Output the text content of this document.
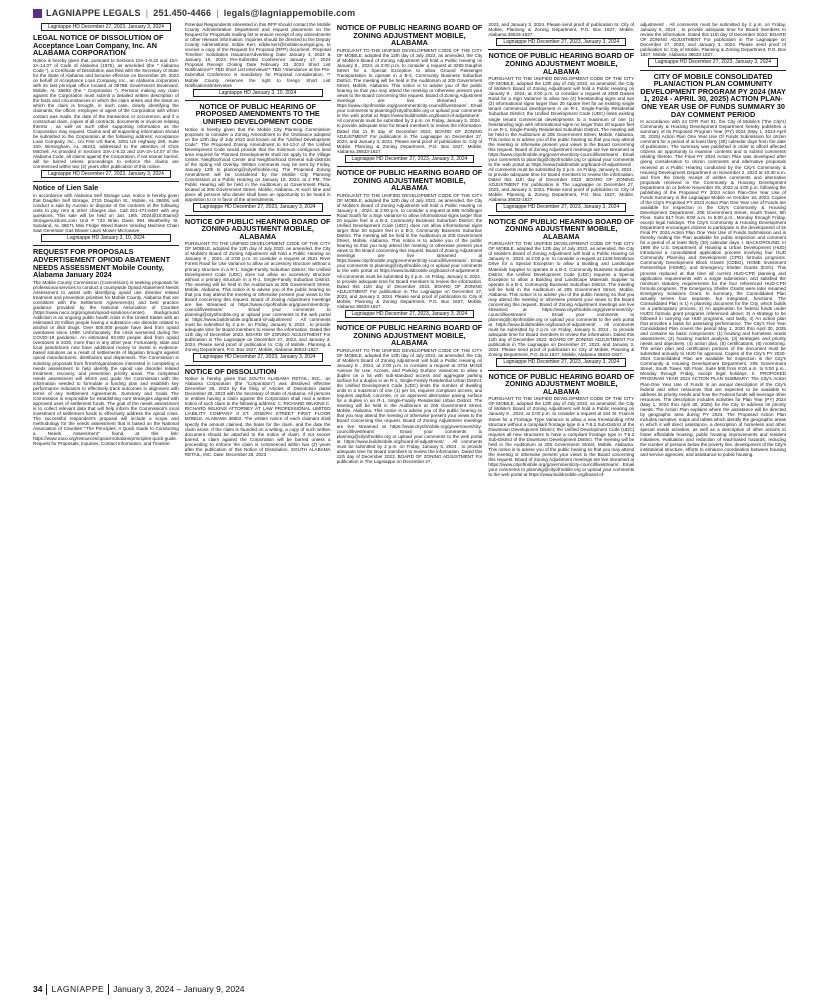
LAGNIAPPE LEGALS | 251.450-4466 | legals@lagniappemobile.com
Lagniappe HD December 27, 2023, January 3, 2024
LEGAL NOTICE OF DISSOLUTION OF Acceptance Loan Company, Inc. AN ALABAMA CORPORATION

Notice is hereby given that, pursuant to Sections 10A-1-9.22 and 10A-2A-14.07 of Code of Alabama (1975), as amended (the " Alabama Code "), a Certificate of Dissolution was filed with the Secretary of State for the State of Alabama and became effective on December 29, 2023 on behalf of Acceptance Loan Company, Inc., an Alabama corporation with its last principal office located at 3976B Government Boulevard, Mobile, AL 36693 (the " Corporation "). Persons making any claim against the Corporation must submit a detailed written description of the facts and circumstances in which the claim arises and the basis on which the claim is brought, in each case, clearly identifying the claimants, the officer, employee or agent of the Corporation with whom contact was made, the date of the transaction or occurrence, and if a contractual claim, copies of all contracts, documents or invoices relating thereto , as well as such other supporting information as the Corporation may request. Claims and all supporting information should be submitted to the Corporation at the following address: Acceptance Loan Company, Inc., c/o First US Bank, 3291 US Highway 280, Suite 100, Birmingham, AL 35243, addressed to the attention of Chris Mitchell. As provided in Sections 10A-1-9.22 and 10A-2A-14.07 of the Alabama Code, all claims against the Corporation, if not sooner barred, will be barred unless proceedings to enforce the claims are commenced within two (2) years after publication of this notice.

Lagniappe HD December 27, 2023, January 3, 2024
Notice of Lien Sale

In accordance with Alabama Self Storage Law, notice is hereby given that Dauphin Self Storage, 2715 Dauphin St., Mobile, AL 36606, will conduct a sale by Auction or dispose of the contents of the following units to pay rent & other charges due. Call 251-471-6497 with any questions. This sale will be held on Jan. 19th, 2024@10:00am@ StorageAuctions.com Unit # 723 Brian Davis 994 Weatherby St. Saraland, AL 36571 Mini Fridge Weed Eaters Vending Machine Chain Saw Generator Gas Blower Lawn Mower Microwave

Lagniappe HD January 3, 10, 2024
REQUEST FOR PROPOSALS ADVERTISEMENT OPIOID ABATEMENT NEEDS ASSESSMENT Mobile County, Alabama January 2024

The Mobile County Commission (Commission) is seeking proposals for professional services to conduct a countywide Opioid Abatement Needs Assessment to assist with identifying opioid use disorder related treatment and prevention priorities for Mobile County. Alabama that are consistent with the Settlement Agreement(s) and best practice guidance provided by the National Association of Counties (https://www.naco.org/program/opioid-solutions-center). Background Addiction is an ongoing public health crisis in the United States with an estimated 20 million people having a substance use disorder related to alcohol or illicit drugs. Over 500,000 people have died from opioid overdoses since 1999. Unfortunately, the crisis worsened during the COVID-19 pandemic. An estimated 93,000 people died from opioid overdoses in 2020, more than in any other year. Fortunately, state and local jurisdictions now have additional money to invest in evidence-based solutions as a result of settlements of litigation brought against opioid manufacturers, distributors and dispensers. The Commission is soliciting proposals from firms/organizations interested in completing a needs assessment to help identify the opioid use disorder related treatment, recovery, and prevention priority areas. The completed needs assessment will inform and guide the Commission with the information needed to formulate a funding plan and establish key performance indicators to effectively track outcomes in alignment with terms of any Settlement Agreements. Summary and Goals The Commission is responsible for establishing core strategies aligned with approved uses of settlement funds. The goal of the needs assessment is to collect relevant data that will help inform the Commission's local investment of settlement funds to effectively address the opioid crisis. The successful respondent's proposal will include a scope and methodology for the needs assessment that is based on the National Association of Counties' "The Principles: A Quick Guide to Conducting a Needs Assessment" found at this link: https://www.naco.org/resources/opioid-solutions/principles-quick-guide. Request for Proposals, Inquiries, Contact Information, and Timeline

Potential Respondents interested in this RFP should contact the Mobile County Administration Department and request placement on the Request for Proposals mailing list to ensure receipt of any amendments or other relevant information. Inquiries should be directed to the Deputy County Administrator, Eddie Kerr, eddie.kerr@mobilecountyal.gov, to receive a copy of the Request for Proposal (RFP) document. Proposal Timeline: Solicitation Issuance/Advertising Date January 3, 2024 & January 10, 2024 Pre-Submittal Conference January 17, 2024 Proposal Receipt Closing Date February 23, 2024 Short List Notifications** TBD Short List Interviews** TBD *Attendance at the Pre-Submittal Conference is mandatory for Proposal consideration. ** Mobile County reserves the right to forego Short List Notifications/Interviews

Lagniappe HD January 3, 10, 2024
NOTICE OF PUBLIC HEARING OF PROPOSED AMENDMENTS TO THE UNIFIED DEVELOPMENT CODE

Notice is hereby given that the Mobile City Planning Commission proposes to consider a Zoning Amendment to the Ordinance adopted on the 12th day of July 2022 and known as the "Unified Development Code". The Proposed Zoning Amendment to 64-13-2 of the Unified Development Code would provide that the minimum contiguous land area required for Planned Developments shall not apply to the Village Center, Neighborhood Center and Neighborhood General sub-districts of the Spring Hill Overlay. Written comments may be sent by Friday, January 12th to planning@cityofmobile.org. The Proposed Zoning Amendment will be considered by the Mobile City Planning Commission at a Public Hearing on January 18, 2024, at 2 PM. The Public Hearing will be held in the Auditorium at Government Plaza, located at 205 Government Street, Mobile, Alabama. At such time and place all persons who desire shall have an opportunity to be heard in opposition to or in favor of the amendments.

Lagniappe HD December 27, 2023, January 3, 2024
NOTICE OF PUBLIC HEARING BOARD OF ZONING ADJUSTMENT MOBILE, ALABAMA

PURSUANT TO THE UNIFIED DEVELOPMENT CODE OF THE CITY OF MOBILE, adopted the 12th day of July 2022, as amended, the City of Mobile's Board of Zoning Adjustment will hold a Public Hearing on January 8 , 2024, at 2:00 p.m. to consider a request at 2521 River Forest Road for Use Variance to allow an accessory structure without a primary structure in a R-1, Single-Family Suburban District; the Unified Development Code (UDC) does not allow an accessory structure without a primary structure in a R-1, Single-Family Suburban District. The meeting will be held in the Auditorium at 205 Government Street, Mobile, Alabama. This notice is to advise you of the public hearing so that you may attend the meeting or otherwise present your views to the Board concerning this request. Board of Zoning Adjustment meetings are live streamed at https://www.cityofmobile.org/government/city-council/livestream/ . Email your comments to planning@cityofmobile.org or upload your comments to the web portal at https://www.buildmobile.org/board-of-adjustment/ . All comments must be submitted by 2 p.m. on Friday, January 5, 2024 , to provide adequate time for Board members to review the information. Dated this 11th day of December 2023. BOARD OF ZONING ADJUSTMENT For publication in The Lagniappe on December 27, 2023, and January 3, 2024. Please send proof of publication to: City of Mobile, Planning & Zoning Department, P.O. Box 1827, Mobile, Alabama 36633-1827.

Lagniappe HD December 27, 2023, January 3, 2024
NOTICE OF DISSOLUTION

Notice is hereby given that SOUTH ALABAMA RETAIL, INC., an Alabama Corporation (the "Corporation") was dissolved effective December 28, 2023 by the filing of Articles of Dissolution dated December 28, 2023 with the Secretary of State of Alabama. All persons or entities having a claim against the Corporation shall mail a written notice of such claim to the following address: C. RICHARD WILKINS C. RICHARD WILKINS ATTORNEY AT LAW PROFESSIONAL LIMITED LIABILITY COMPANY 8 ST. JOSEPH STREET FIRST FLOOR MOBILE, ALABAMA 36602. The written notice of each claimant shall specify the amount claimed, the basis for the claim, and the date the claim arose. If the claim is founded on a writing, a copy of such written document should be attached to the notice of claim. If not sooner barred, a claim against the Corporation will be barred unless a proceeding to enforce the claim is commenced within two (2) years after the publication of this Notice of Dissolution. SOUTH ALABAMA RETAIL, INC. Date: December 28, 2023

NOTICE OF PUBLIC HEARING BOARD OF ZONING ADJUSTMENT MOBILE, ALABAMA

PURSUANT TO THE UNIFIED DEVELOPMENT CODE OF THE CITY OF MOBILE, adopted the 12th day of July 2022, as amended, the City of Mobile's Board of Zoning Adjustment will hold a Public Hearing on January 8 , 2024, at 2:00 p.m. to consider a request at 3280 Dauphin Street for a Special Exception to allow Ground Passenger Transportation to operate in a B-3, Community Business Suburban District. The meeting will be held in the Auditorium at 205 Government Street, Mobile, Alabama. This notice is to advise you of the public hearing so that you may attend the meeting or otherwise present your views to the Board concerning this request. Board of Zoning Adjustment meetings are live streamed at https://www.cityofmobile.org/government/city-council/livestream/ . Email your comments to planning@cityofmobile.org or upload your comments to the web portal at https://www.buildmobile.org/board-of-adjustment/ . All comments must be submitted by 2 p.m. on Friday, January 5, 2024 , to provide adequate time for Board members to review the information. Dated this 11 th day of December 2023. BOARD OF ZONING ADJUSTMENT For publication in The Lagniappe on December 27, 2023, and January 3, 2024. Please send proof of publication to: City of Mobile, Planning & Zoning Department, P.O. Box 1827, Mobile, Alabama 36633-1827.

Lagniappe HD December 27, 2023, January 3, 2024
NOTICE OF PUBLIC HEARING BOARD OF ZONING ADJUSTMENT MOBILE, ALABAMA

PURSUANT TO THE UNIFIED DEVELOPMENT CODE OF THE CITY OF MOBILE, adopted the 12th day of July 2022, as amended, the City of Mobile's Board of Zoning Adjustment will hold a Public Hearing on January 8 , 2024, at 2:00 p.m. to consider a request at 685 Schillinger Road South for a Sign Variance to allow informational signs larger than 20 square feet in a B-3, Community Business Suburban District; the Unified Development Code (UDC) does not allow informational signs larger than 20 square feet in a B-3, Community Business Suburban District. The meeting will be held in the Auditorium at 205 Government Street, Mobile, Alabama. This notice is to advise you of the public hearing so that you may attend the meeting or otherwise present your views to the Board concerning this request. Board of Zoning Adjustment meetings are live streamed at https://www.cityofmobile.org/government/city-council/livestream/ . Email your comments to planning@cityofmobile.org or upload your comments to the web portal at https://www.buildmobile.org/board-of-adjustment/ . All comments must be submitted by 2 p.m. on Friday, January 5, 2024 , to provide adequate time for Board members to review the information. Dated this 11th day of December 2023. BOARD OF ZONING ADJUSTMENT For publication in The Lagniappe on December 27, 2023, and January 3, 2024. Please send proof of publication to: City of Mobile, Planning & Zoning Department, P.O. Box 1827, Mobile, Alabama 36633-1827.

Lagniappe HD December 27, 2023, January 3, 2024
NOTICE OF PUBLIC HEARING BOARD OF ZONING ADJUSTMENT MOBILE, ALABAMA

PURSUANT TO THE UNIFIED DEVELOPMENT CODE OF THE CITY OF MOBILE, adopted the 12th day of July 2022, as amended, the City of Mobile's Board of Zoning Adjustment will hold a Public Hearing on January 8 , 2024, at 2:00 p.m. to consider a request at 3704 McGill Avenue for Use, Access, and Parking Surface Variances to allow a duplex on a lot with sub-standard access and aggregate parking surface for a duplex in an R-1, Single-Family Residential Urban District; the Unified Development Code (UDC) limits the number of dwelling units to a maximum of one (1) per lot, requires compliant access, and requires asphalt, concrete, or an approved alternative paving surface for a duplex in an R-1, Single-Family Residential Urban District. The meeting will be held in the Auditorium at 205 Government Street, Mobile, Alabama. This notice is to advise you of the public hearing so that you may attend the meeting or otherwise present your views to the Board concerning this request. Board of Zoning Adjustment meetings are live streamed at https://www.cityofmobile.org/government/city-council/livestream/ . Email your comments to planning@cityofmobile.org or upload your comments to the web portal at https://www.buildmobile.org/board-of-adjustment/ . All comments must be submitted by 2 p.m. on Friday, January 5, 2024 , to provide adequate time for Board members to review the information. Dated this 11th day of December 2023. BOARD OF ZONING ADJUSTMENT For publication in The Lagniappe on December 27,

2023, and January 3, 2024. Please send proof of publication to: City of Mobile, Planning & Zoning Department, P.O. Box 1827, Mobile, Alabama 36633-1827.

Lagniappe HD December 27, 2023, January 3, 2024
NOTICE OF PUBLIC HEARING BOARD OF ZONING ADJUSTMENT MOBILE, ALABAMA

PURSUANT TO THE UNIFIED DEVELOPMENT CODE OF THE CITY OF MOBILE, adopted the 12th day of July 2022, as amended, the City of Mobile's Board of Zoning Adjustment will hold a Public Hearing on January 8 , 2024, at 2:00 p.m. to consider a request at 2500 Dawes Road for a Sign Variance to allow two (2) freestanding signs and two (2) informational signs larger than 20 square feet for an existing single tenant commercial development in an R-1, Single-Family Residential Suburban District; the Unified Development Code (UDC) limits existing single tenant commercial developments to a maximum of one (1) freestanding sign with informational signs no larger than 20 square feet in an R-1, Single-Family Residential Suburban District. The meeting will be held in the Auditorium at 205 Government Street, Mobile, Alabama. This notice is to advise you of the public hearing so that you may attend the meeting or otherwise present your views to the Board concerning this request. Board of Zoning Adjustment meetings are live streamed at https://www.cityofmobile.org/government/city-council/livestream/ . Email your comments to planning@cityofmobile.org or upload your comments to the web portal at https://www.buildmobile.org/board-of-adjustment/ . All comments must be submitted by 2 p.m. on Friday, January 5, 2024 , to provide adequate time for Board members to review the information. Dated this 11th day of December 2023. BOARD OF ZONING ADJUSTMENT For publication in The Lagniappe on December 27, 2023, and January 3, 2024. Please send proof of publication to: City of Mobile, Planning & Zoning Department, P.O. Box 1827, Mobile, Alabama 36633-1827.

Lagniappe HD December 27, 2023, January 3, 2024
NOTICE OF PUBLIC HEARING BOARD OF ZONING ADJUSTMENT MOBILE, ALABAMA

PURSUANT TO THE UNIFIED DEVELOPMENT CODE OF THE CITY OF MOBILE, adopted the 12th day of July 2022, as amended, the City of Mobile's Board of Zoning Adjustment will hold a Public Hearing on January 8 , 2024, at 2:00 p.m. to consider a request at 1248 Montlimar Drive for a Special Exception to allow a Building and Landscape Materials Supplier to operate in a B-3, Community Business Suburban District; the Unified Development Code (UDC) requires a Special Exception to allow a Building and Landscape Materials Supplier to operate in a B-3, Community Business Suburban District. The meeting will be held in the Auditorium at 205 Government Street, Mobile, Alabama. This notice is to advise you of the public hearing so that you may attend the meeting or otherwise present your views to the Board concerning this request. Board of Zoning Adjustment meetings are live streamed at https://www.cityofmobile.org/government/city-council/livestream/ . Email your comments to planning@cityofmobile.org or upload your comments to the web portal at https://www.buildmobile.org/board-of-adjustment/ . All comments must be submitted by 2 p.m. on Friday, January 5, 2024 , to provide adequate time for Board members to review the information. Dated this 11th day of December 2023. BOARD OF ZONING ADJUSTMENT For publication in The Lagniappe on December 27, 2023, and January 3, 2024. Please send proof of publication to: City of Mobile, Planning & Zoning Department, P.O. Box 1827, Mobile, Alabama 36633-1827.

Lagniappe HD December 27, 2023, January 3, 2024
NOTICE OF PUBLIC HEARING BOARD OF ZONING ADJUSTMENT MOBILE, ALABAMA

PURSUANT TO THE UNIFIED DEVELOPMENT CODE OF THE CITY OF MOBILE, adopted the 12th day of July 2022, as amended, the City of Mobile's Board of Zoning Adjustment will hold a Public Hearing on January 8 , 2024, at 2:00 p.m. to consider a request at 164 St. Francis Street for a Frontage Type Variance to allow a new freestanding ATM structure without a compliant frontage type in a T-5.2 Sub-District of the Downtown Development District; the Unified Development Code (UDC) requires all new structures to have a compliant frontage type in T-5.2 Sub-District of the Downtown Development District. The meeting will be held in the Auditorium at 205 Government Street, Mobile, Alabama. This notice is to advise you of the public hearing so that you may attend the meeting or otherwise present your views to the Board concerning this request. Board of Zoning Adjustment meetings are live streamed at https://www.cityofmobile.org/government/city-council/livestream/ . Email your comments to planning@cityofmobile.org or upload your comments to the web portal at https://www.buildmobile.org/board-of-

adjustment/ . All comments must be submitted by 2 p.m. on Friday, January 5, 2024 , to provide adequate time for Board members to review the information. Dated this 11th day of December 2023. BOARD OF ZONING ADJUSTMENT For publication in The Lagniappe on December 27, 2023, and January 3, 2024. Please send proof of publication to: City of Mobile, Planning & Zoning Department, P.O. Box 1827, Mobile, Alabama 36633-1827.

Lagniappe HD December 27, 2023, January 3, 2024
CITY OF MOBILE CONSOLIDATED PLAN/ACTION PLAN COMMUNITY DEVELOPMENT PROGRAM PY 2024 (MAY 1, 2024 - APRIL 30, 2025) ACTION PLAN-ONE YEAR USE OF FUNDS SUMMARY 30 DAY COMMENT PERIOD

In accordance with 24 CFR Part 91, the City of Mobile's ("the City's) Community & Housing Development Department hereby publishes a summary of its Proposed Program Year (PY) 2024 (May 1, 2024-April 30, 2025) Action Plan One Year Use Of Funds Submission for citizen comment for a period of at least thirty (30) calendar days from the date of publication. The summary was published in order to afford affected citizens an opportunity to examine contents and to submit comments relating thereto. The Final PY 2024 Action Plan was developed after giving consideration to citizen comments and alternative proposals received at a Public Hearing conducted by the City's Community & Housing Development Department on November 2, 2023 at 10:30 a.m. and from the timely receipt of written comments and alternative proposals received in the Community & Housing Development Department on or before November 29, 2023 at 4:00 p.m. following the publishing of the Proposed PY 2024 Action Plan-One Year Use of Funds Summary in the Lagniappe Mobile on October 18, 2023. Copies of the City's Proposed PY 2024 Action Plan One Year Use of Funds are available for inspection in the City's Community & Housing Development Department, 205 Government Street, South Tower, 5th Floor, Suite 517 from 8:00 a.m. to 5:00 p.m., Monday through Friday, except legal holidays. The City's Community & Housing Development Department encourages citizens to participate in the development of its Final PY 2024 Action Plan One Year Use of Funds Submission and is thereby making the Plan available for public inspection and comment for a period of at least thirty (30) calendar days. I. BACKGROUND: In 1995 the U.S. Department of Housing & Urban Development (HUD) introduced a consolidated application process involving four HUD Community Planning and Development (CPD) formula programs: Community Development Block Grants (CDBG), HOME Investment Partnerships (HOME), and Emergency Shelter Grants (ESG). This process replaced at that time all current HUD-CPD planning and application requirements with a single submission, and satisfied the minimum statutory requirements for the four referenced HUD-CPD formula programs. The Emergency Shelter Grants were later renamed Emergency Solutions Grant. In summary, the Consolidated Plan actually serves four separate, but integrated, functions. The Consolidated Plan is 1) A planning document for the City, which builds on a participatory process; 2) An application for federal funds under HUD's formula grant programs referenced above; 3) A strategy to be followed in carrying out HUD programs, and lastly, 4) An action plan that provides a basis for assessing performance. The City's Five Year Consolidated Plan covers the period May 1, 2020 thru April 30, 2025 and contains six basic components: (1) housing and homeless needs assessment, (2) housing market analysis, (3) strategies and priority needs and objectives, (4) action plan, (5) certifications, (6) monitoring. The action plan and certification portions of the document must be submitted annually to HUD for approval. Copies of the City's PY 2020-2024 Consolidated Plan are available for inspection in the City's Community & Housing Development Department, 205 Government Street, South Tower, 5th Floor, Suite 508 from 8:00 a.m. to 5:00 p.m., Monday through Friday, except legal holidays. II. PROPOSED PROGRAM YEAR 2024 ACTION PLAN SUMMARY: The City's Action Plan-One Year Use of Funds is an annual description of the City's federal and other resources that are expected to be available to address its priority needs and how the Federal funds will leverage other resources. The description includes activities for Plan Year (PY) 2024 (May 1, 2024 thru April 30, 2025) for the City to address its priority needs. The Action Plan explains where the assistance will be directed by geographic area during PY 2024. The Proposed Action Plan includes narrative, maps and tables which identify the geographic areas in which it will direct assistance, a description of homeless and other special needs activities, as well as a description of other actions to foster affordable housing, public housing improvements and resident initiatives, evaluation and reduction of lead-based hazards, reducing the number of persons below the poverty line, development of the City's institutional structure, efforts to enhance coordination between housing and service agencies, and assistance to public housing.

34 LAGNIAPPE January 3, 2024 – January 9, 2024
